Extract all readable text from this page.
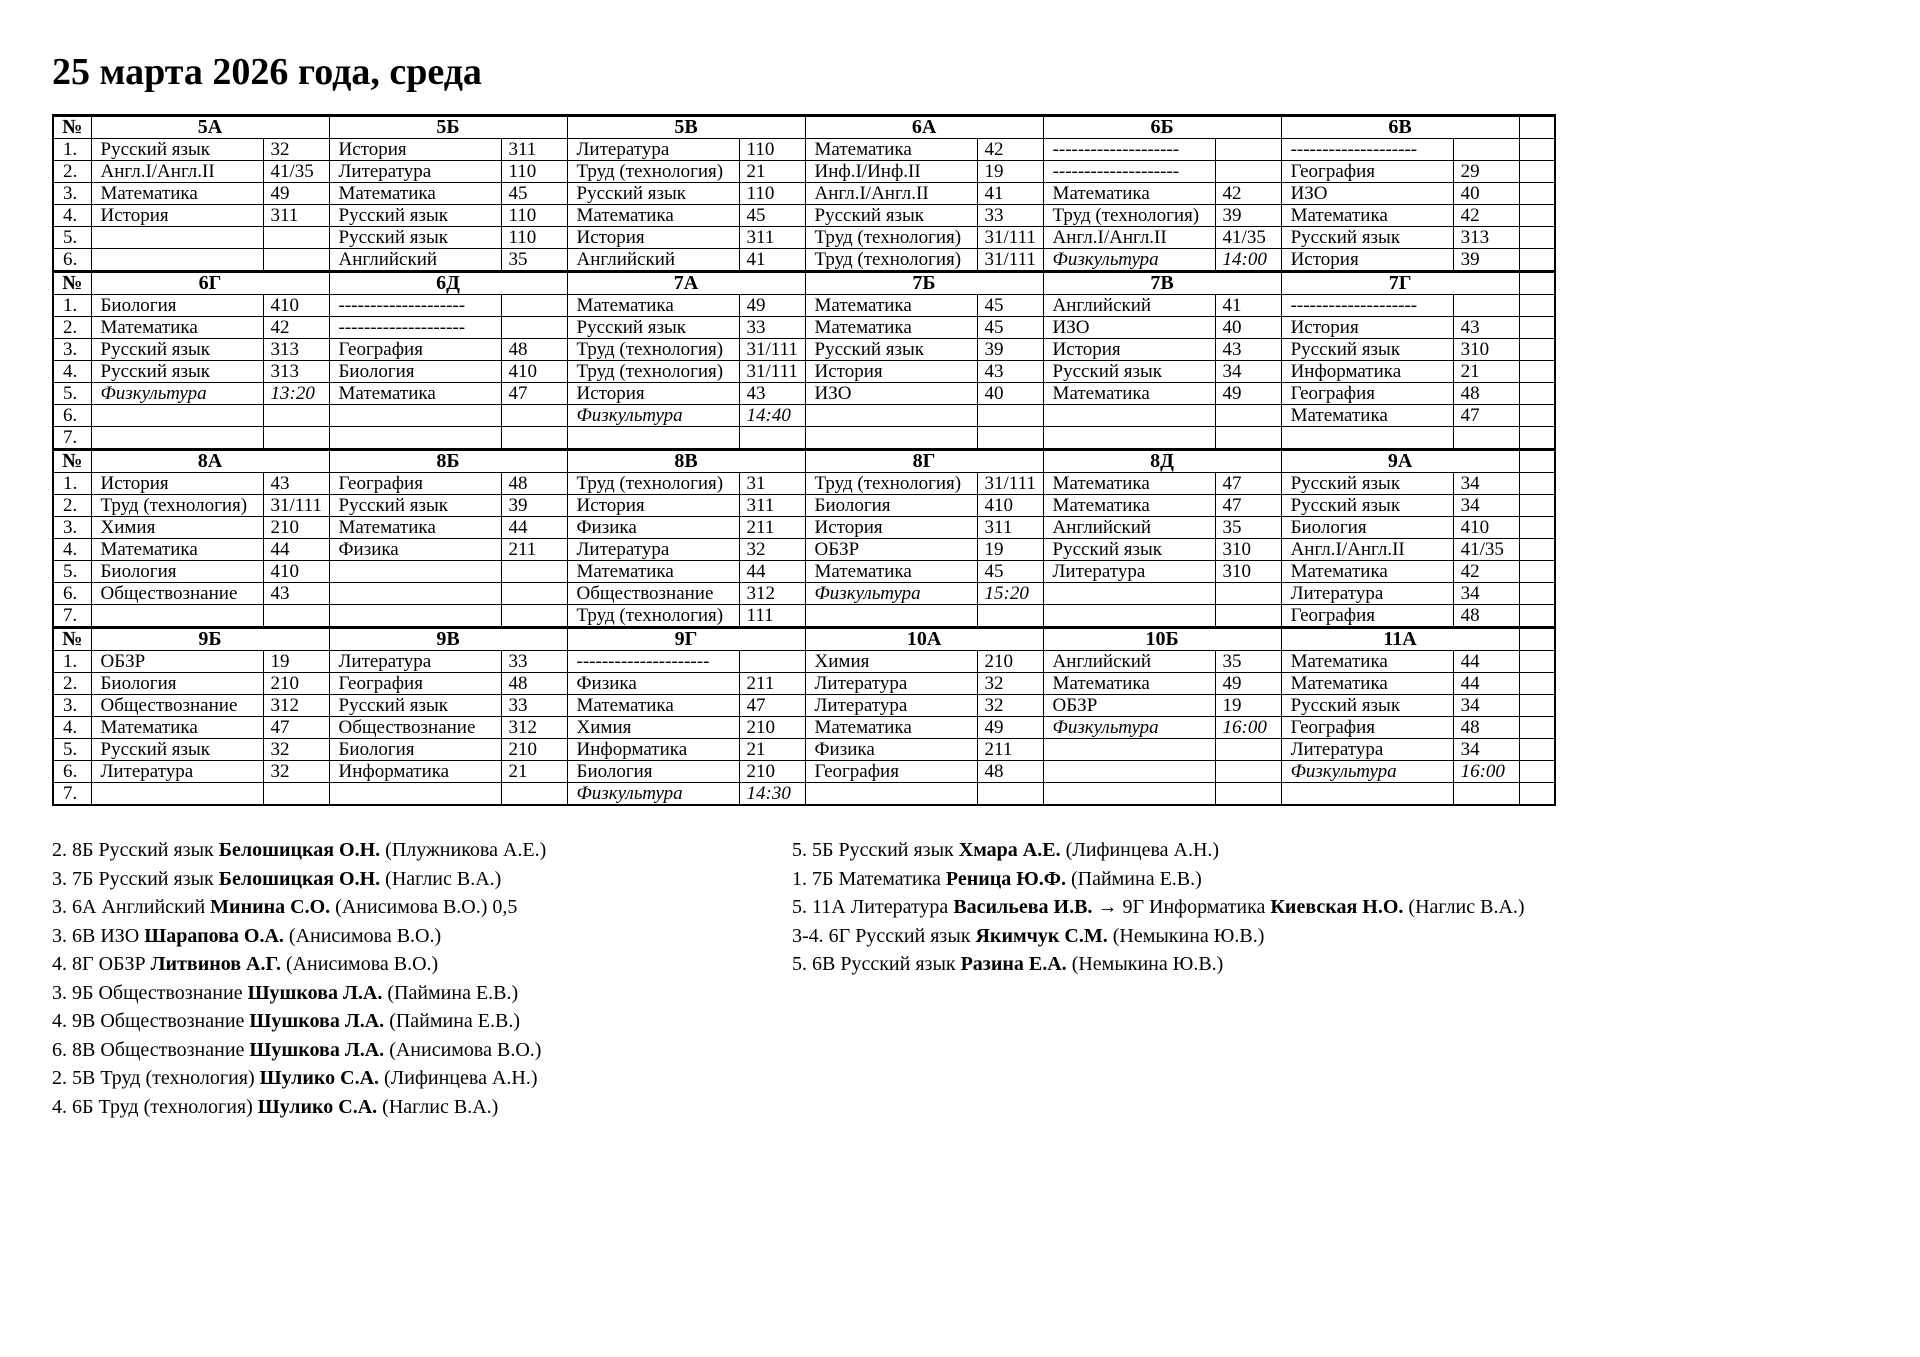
25 марта 2026 года, среда
№	5А		5Б		5В		6А		6Б		6В		
1.	Русский язык	32	История	311	Литература	110	Математика	42	--------------------		--------------------		
2.	Англ.I/Англ.II	41/35	Литература	110	Труд (технология)	21	Инф.I/Инф.II	19	--------------------		География	29	
3.	Математика	49	Математика	45	Русский язык	110	Англ.I/Англ.II	41	Математика	42	ИЗО	40	
4.	История	311	Русский язык	110	Математика	45	Русский язык	33	Труд (технология)	39	Математика	42	
5.			Русский язык	110	История	311	Труд (технология)	31/111	Англ.I/Англ.II	41/35	Русский язык	313	
6.			Английский	35	Английский	41	Труд (технология)	31/111	Физкультура	14:00	История	39	
№	6Г		6Д		7А		7Б		7В		7Г		
1.	Биология	410	--------------------		Математика	49	Математика	45	Английский	41	--------------------		
2.	Математика	42	--------------------		Русский язык	33	Математика	45	ИЗО	40	История	43	
3.	Русский язык	313	География	48	Труд (технология)	31/111	Русский язык	39	История	43	Русский язык	310	
4.	Русский язык	313	Биология	410	Труд (технология)	31/111	История	43	Русский язык	34	Информатика	21	
5.	Физкультура	13:20	Математика	47	История	43	ИЗО	40	Математика	49	География	48	
6.					Физкультура	14:40					Математика	47	
7.													
№	8А		8Б		8В		8Г		8Д		9А		
1.	История	43	География	48	Труд (технология)	31	Труд (технология)	31/111	Математика	47	Русский язык	34	
2.	Труд (технология)	31/111	Русский язык	39	История	311	Биология	410	Математика	47	Русский язык	34	
3.	Химия	210	Математика	44	Физика	211	История	311	Английский	35	Биология	410	
4.	Математика	44	Физика	211	Литература	32	ОБЗР	19	Русский язык	310	Англ.I/Англ.II	41/35	
5.	Биология	410			Математика	44	Математика	45	Литература	310	Математика	42	
6.	Обществознание	43			Обществознание	312	Физкультура	15:20			Литература	34	
7.					Труд (технология)	111					География	48	
№	9Б		9В		9Г		10А		10Б		11А		
1.	ОБЗР	19	Литература	33	---------------------		Химия	210	Английский	35	Математика	44	
2.	Биология	210	География	48	Физика	211	Литература	32	Математика	49	Математика	44	
3.	Обществознание	312	Русский язык	33	Математика	47	Литература	32	ОБЗР	19	Русский язык	34	
4.	Математика	47	Обществознание	312	Химия	210	Математика	49	Физкультура	16:00	География	48	
5.	Русский язык	32	Биология	210	Информатика	21	Физика	211			Литература	34	
6.	Литература	32	Информатика	21	Биология	210	География	48			Физкультура	16:00	
7.					Физкультура	14:30							
2. 8Б Русский язык Белошицкая О.Н. (Плужникова А.Е.)
3. 7Б Русский язык Белошицкая О.Н. (Наглис В.А.)
3. 6А Английский Минина С.О. (Анисимова В.О.) 0,5
3. 6В ИЗО Шарапова О.А. (Анисимова В.О.)
4. 8Г ОБЗР Литвинов А.Г. (Анисимова В.О.)
3. 9Б Обществознание Шушкова Л.А. (Паймина Е.В.)
4. 9В Обществознание Шушкова Л.А. (Паймина Е.В.)
6. 8В Обществознание Шушкова Л.А. (Анисимова В.О.)
2. 5В Труд (технология) Шулико С.А. (Лифинцева А.Н.)
4. 6Б Труд (технология) Шулико С.А. (Наглис В.А.)
5. 5Б Русский язык Хмара А.Е. (Лифинцева А.Н.)
1. 7Б Математика Реница Ю.Ф. (Паймина Е.В.)
5. 11А Литература Васильева И.В. → 9Г Информатика Киевская Н.О. (Наглис В.А.)
3-4. 6Г Русский язык Якимчук С.М. (Немыкина Ю.В.)
5. 6В Русский язык Разина Е.А. (Немыкина Ю.В.)
